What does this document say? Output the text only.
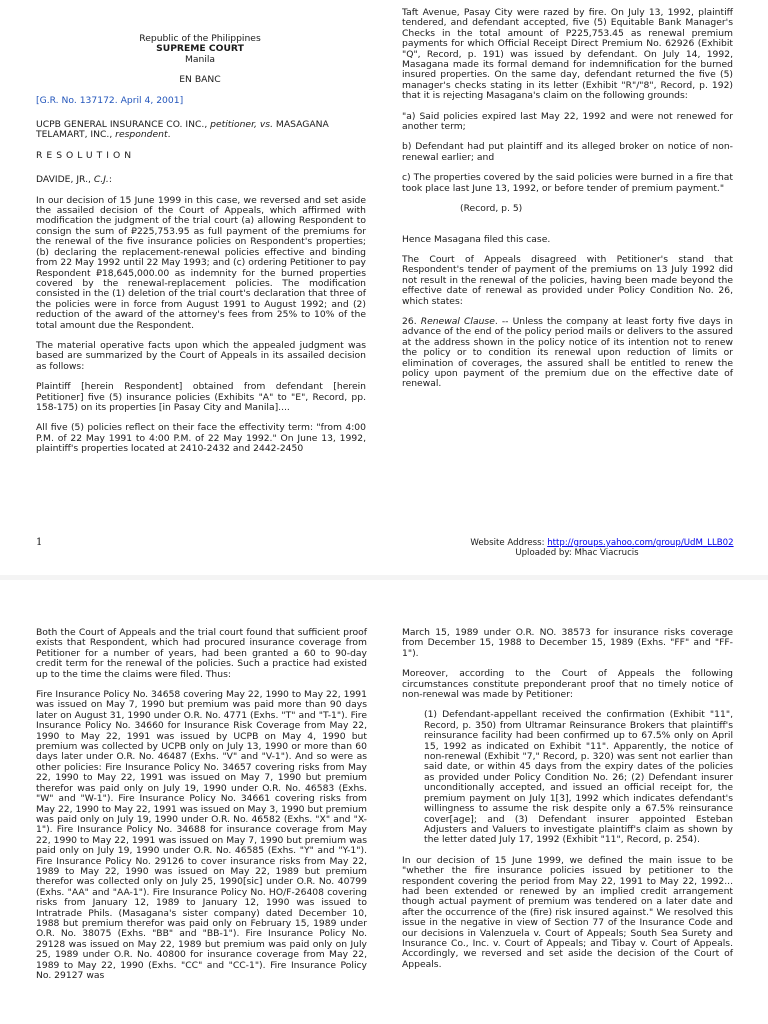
Republic of the Philippines

SUPREME COURT

Manila

EN BANC

[G.R. No. 137172. April 4, 2001]

UCPB GENERAL INSURANCE CO. INC., petitioner, vs. MASAGANA TELAMART, INC., respondent.

RESOLUTION

DAVIDE, JR., C.J.:

In our decision of 15 June 1999 in this case, we reversed and set aside the assailed decision of the Court of Appeals, which affirmed with modification the judgment of the trial court (a) allowing Respondent to consign the sum of ₽225,753.95 as full payment of the premiums for the renewal of the five insurance policies on Respondent's properties; (b) declaring the replacement-renewal policies effective and binding from 22 May 1992 until 22 May 1993; and (c) ordering Petitioner to pay Respondent ₽18,645,000.00 as indemnity for the burned properties covered by the renewal-replacement policies. The modification consisted in the (1) deletion of the trial court's declaration that three of the policies were in force from August 1991 to August 1992; and (2) reduction of the award of the attorney's fees from 25% to 10% of the total amount due the Respondent.

The material operative facts upon which the appealed judgment was based are summarized by the Court of Appeals in its assailed decision as follows:

Plaintiff [herein Respondent] obtained from defendant [herein Petitioner] five (5) insurance policies (Exhibits "A" to "E", Record, pp. 158-175) on its properties [in Pasay City and Manila]....

All five (5) policies reflect on their face the effectivity term: "from 4:00 P.M. of 22 May 1991 to 4:00 P.M. of 22 May 1992." On June 13, 1992, plaintiff's properties located at 2410-2432 and 2442-2450

Taft Avenue, Pasay City were razed by fire. On July 13, 1992, plaintiff tendered, and defendant accepted, five (5) Equitable Bank Manager's Checks in the total amount of P225,753.45 as renewal premium payments for which Official Receipt Direct Premium No. 62926 (Exhibit "Q", Record, p. 191) was issued by defendant. On July 14, 1992, Masagana made its formal demand for indemnification for the burned insured properties. On the same day, defendant returned the five (5) manager's checks stating in its letter (Exhibit "R"/"8", Record, p. 192) that it is rejecting Masagana's claim on the following grounds:

"a) Said policies expired last May 22, 1992 and were not renewed for another term;

b) Defendant had put plaintiff and its alleged broker on notice of non-renewal earlier; and

c) The properties covered by the said policies were burned in a fire that took place last June 13, 1992, or before tender of premium payment."

(Record, p. 5)

Hence Masagana filed this case.

The Court of Appeals disagreed with Petitioner's stand that Respondent's tender of payment of the premiums on 13 July 1992 did not result in the renewal of the policies, having been made beyond the effective date of renewal as provided under Policy Condition No. 26, which states:

26. Renewal Clause. -- Unless the company at least forty five days in advance of the end of the policy period mails or delivers to the assured at the address shown in the policy notice of its intention not to renew the policy or to condition its renewal upon reduction of limits or elimination of coverages, the assured shall be entitled to renew the policy upon payment of the premium due on the effective date of renewal.

1	Website Address: http://groups.yahoo.com/group/UdM_LLB02
Uploaded by: Mhac Viacrucis

Both the Court of Appeals and the trial court found that sufficient proof exists that Respondent, which had procured insurance coverage from Petitioner for a number of years, had been granted a 60 to 90-day credit term for the renewal of the policies. Such a practice had existed up to the time the claims were filed. Thus:

Fire Insurance Policy No. 34658 covering May 22, 1990 to May 22, 1991 was issued on May 7, 1990 but premium was paid more than 90 days later on August 31, 1990 under O.R. No. 4771 (Exhs. "T" and "T-1"). Fire Insurance Policy No. 34660 for Insurance Risk Coverage from May 22, 1990 to May 22, 1991 was issued by UCPB on May 4, 1990 but premium was collected by UCPB only on July 13, 1990 or more than 60 days later under O.R. No. 46487 (Exhs. "V" and "V-1"). And so were as other policies: Fire Insurance Policy No. 34657 covering risks from May 22, 1990 to May 22, 1991 was issued on May 7, 1990 but premium therefor was paid only on July 19, 1990 under O.R. No. 46583 (Exhs. "W" and "W-1"). Fire Insurance Policy No. 34661 covering risks from May 22, 1990 to May 22, 1991 was issued on May 3, 1990 but premium was paid only on July 19, 1990 under O.R. No. 46582 (Exhs. "X" and "X-1"). Fire Insurance Policy No. 34688 for insurance coverage from May 22, 1990 to May 22, 1991 was issued on May 7, 1990 but premium was paid only on July 19, 1990 under O.R. No. 46585 (Exhs. "Y" and "Y-1"). Fire Insurance Policy No. 29126 to cover insurance risks from May 22, 1989 to May 22, 1990 was issued on May 22, 1989 but premium therefor was collected only on July 25, 1990[sic] under O.R. No. 40799 (Exhs. "AA" and "AA-1"). Fire Insurance Policy No. HO/F-26408 covering risks from January 12, 1989 to January 12, 1990 was issued to Intratrade Phils. (Masagana's sister company) dated December 10, 1988 but premium therefor was paid only on February 15, 1989 under O.R. No. 38075 (Exhs. "BB" and "BB-1"). Fire Insurance Policy No. 29128 was issued on May 22, 1989 but premium was paid only on July 25, 1989 under O.R. No. 40800 for insurance coverage from May 22, 1989 to May 22, 1990 (Exhs. "CC" and "CC-1"). Fire Insurance Policy No. 29127 was

March 15, 1989 under O.R. NO. 38573 for insurance risks coverage from December 15, 1988 to December 15, 1989 (Exhs. "FF" and "FF-1").

Moreover, according to the Court of Appeals the following circumstances constitute preponderant proof that no timely notice of non-renewal was made by Petitioner:

(1) Defendant-appellant received the confirmation (Exhibit "11", Record, p. 350) from Ultramar Reinsurance Brokers that plaintiff's reinsurance facility had been confirmed up to 67.5% only on April 15, 1992 as indicated on Exhibit "11". Apparently, the notice of non-renewal (Exhibit "7," Record, p. 320) was sent not earlier than said date, or within 45 days from the expiry dates of the policies as provided under Policy Condition No. 26; (2) Defendant insurer unconditionally accepted, and issued an official receipt for, the premium payment on July 1[3], 1992 which indicates defendant's willingness to assume the risk despite only a 67.5% reinsurance cover[age]; and (3) Defendant insurer appointed Esteban Adjusters and Valuers to investigate plaintiff's claim as shown by the letter dated July 17, 1992 (Exhibit "11", Record, p. 254).

In our decision of 15 June 1999, we defined the main issue to be "whether the fire insurance policies issued by petitioner to the respondent covering the period from May 22, 1991 to May 22, 1992... had been extended or renewed by an implied credit arrangement though actual payment of premium was tendered on a later date and after the occurrence of the (fire) risk insured against." We resolved this issue in the negative in view of Section 77 of the Insurance Code and our decisions in Valenzuela v. Court of Appeals; South Sea Surety and Insurance Co., Inc. v. Court of Appeals; and Tibay v. Court of Appeals. Accordingly, we reversed and set aside the decision of the Court of Appeals.
